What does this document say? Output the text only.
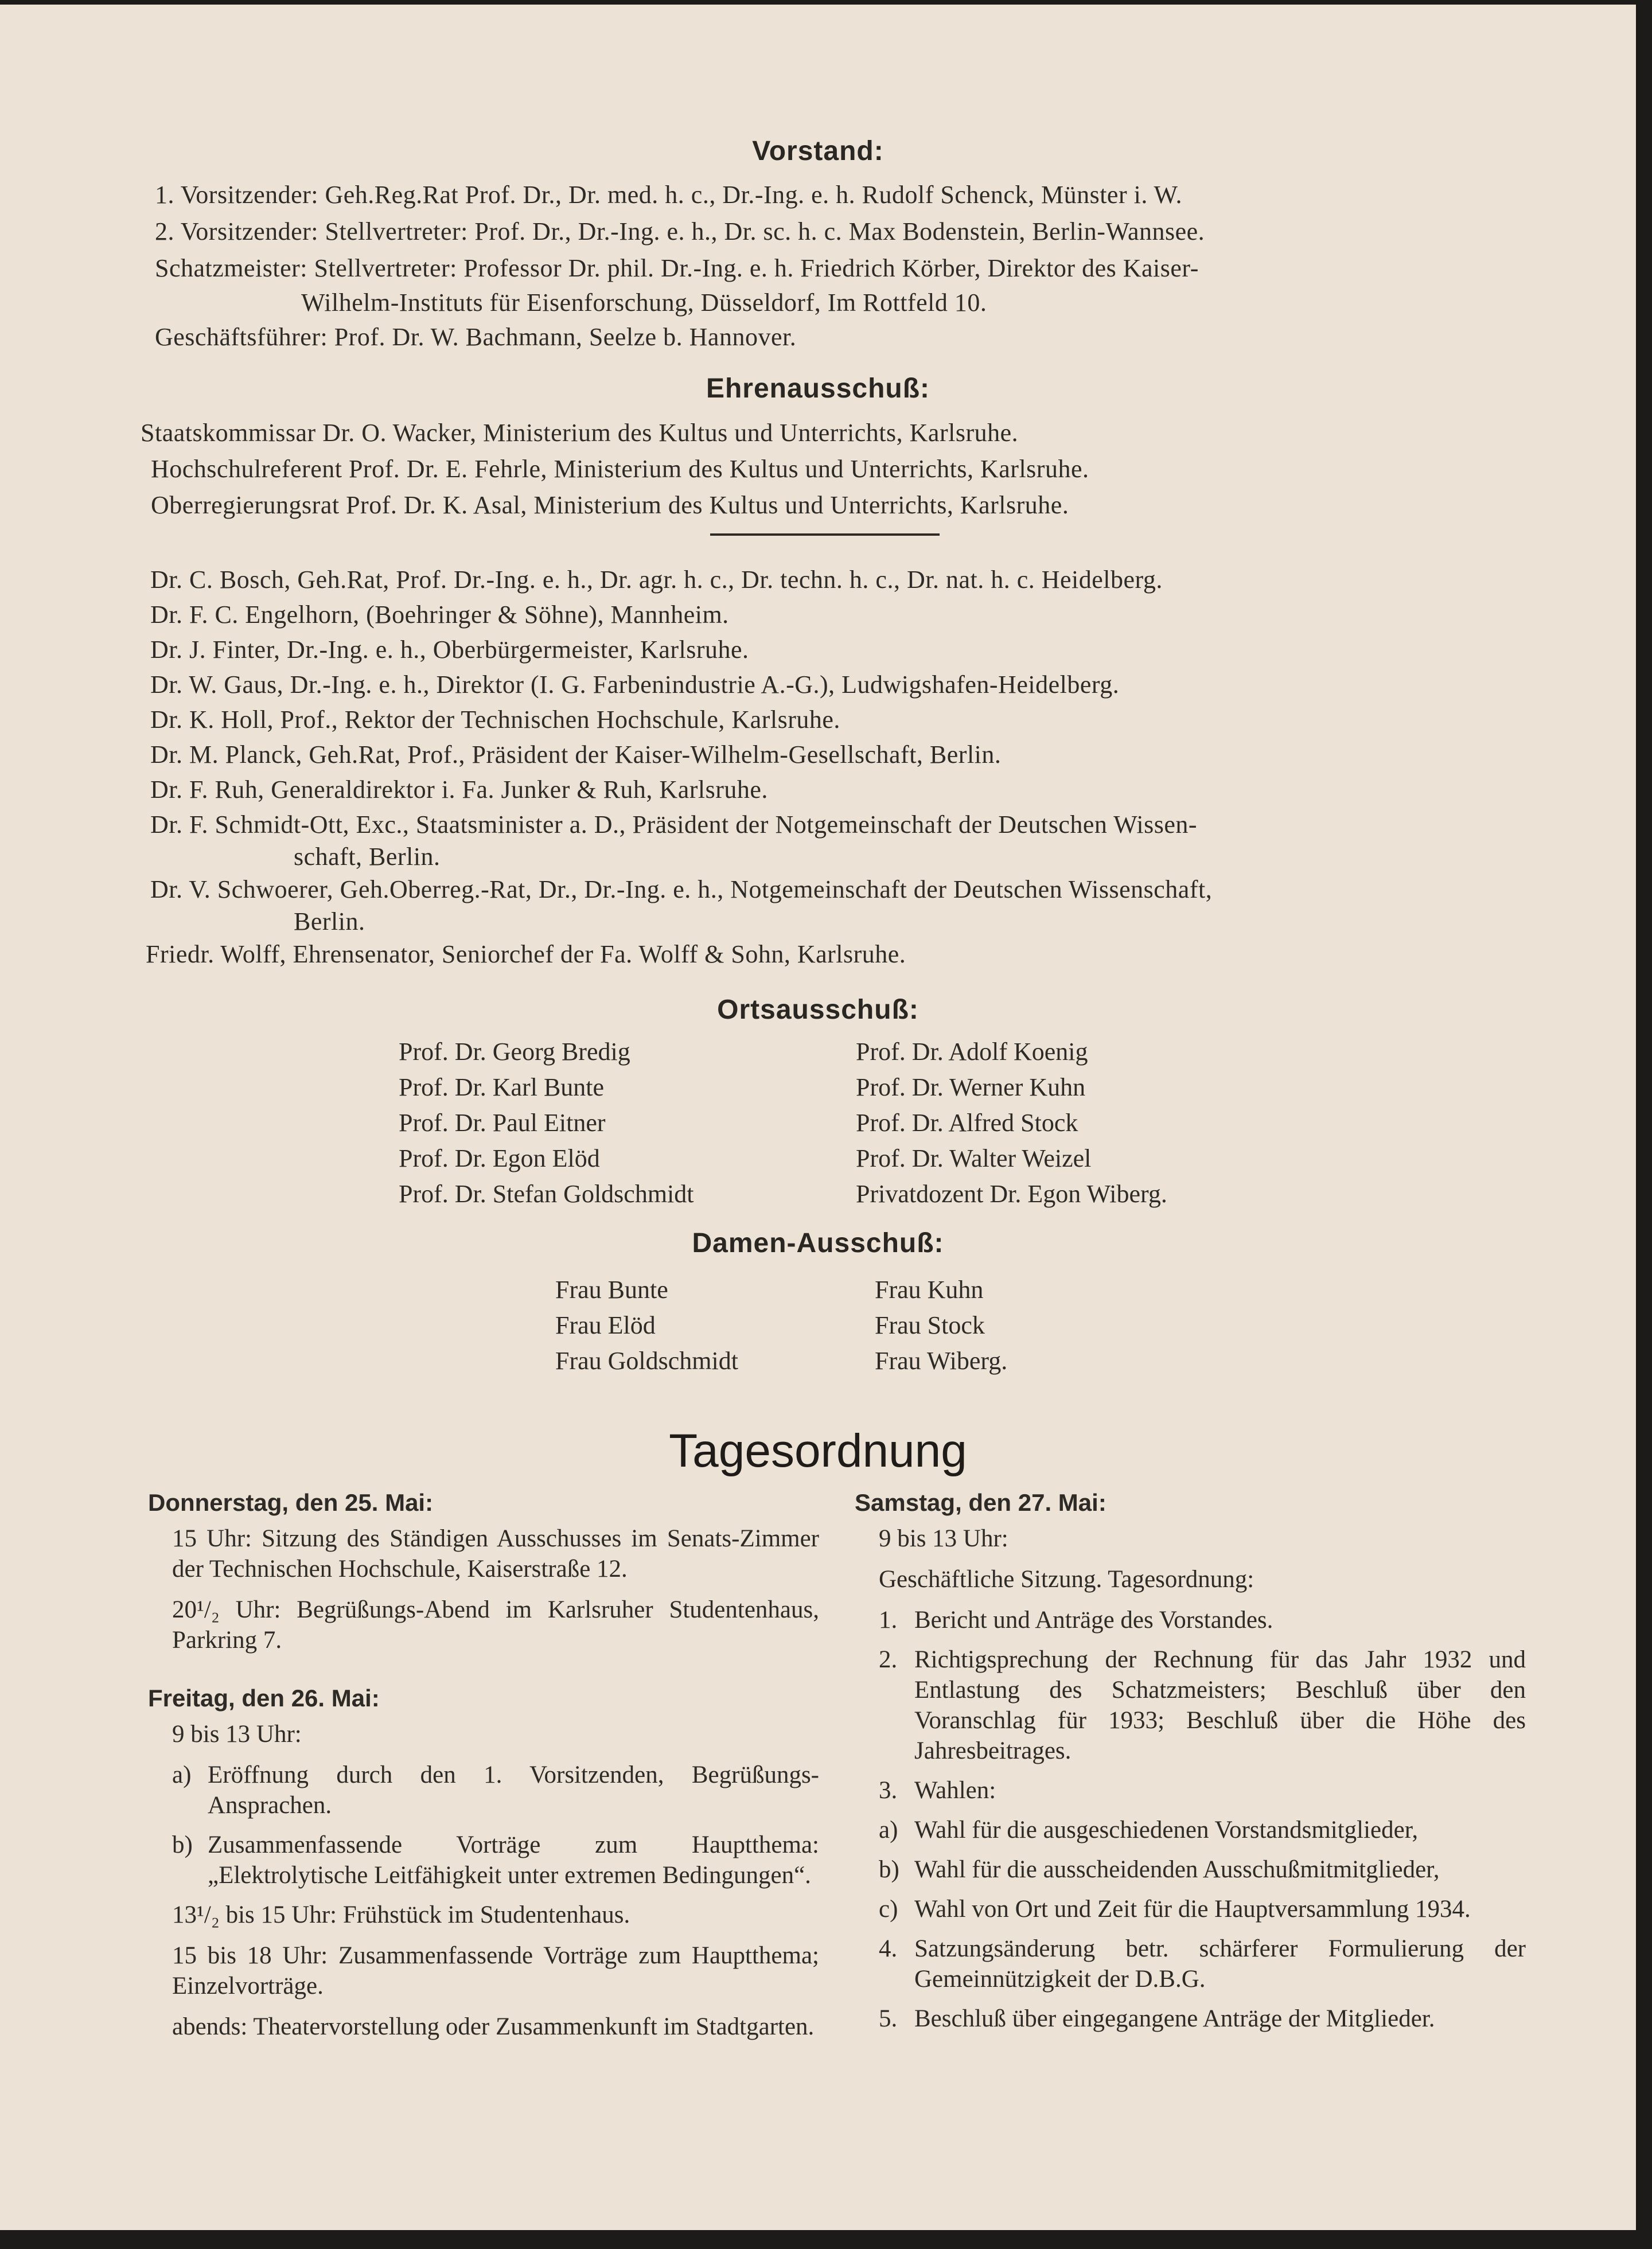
Vorstand:
1. Vorsitzender: Geh.Reg.Rat Prof. Dr., Dr. med. h. c., Dr.-Ing. e. h. Rudolf Schenck, Münster i. W.
2. Vorsitzender: Stellvertreter: Prof. Dr., Dr.-Ing. e. h., Dr. sc. h. c. Max Bodenstein, Berlin-Wannsee.
Schatzmeister: Stellvertreter: Professor Dr. phil. Dr.-Ing. e. h. Friedrich Körber, Direktor des Kaiser-
Wilhelm-Instituts für Eisenforschung, Düsseldorf, Im Rottfeld 10.
Geschäftsführer: Prof. Dr. W. Bachmann, Seelze b. Hannover.
Ehrenausschuß:
Staatskommissar Dr. O. Wacker, Ministerium des Kultus und Unterrichts, Karlsruhe.
Hochschulreferent Prof. Dr. E. Fehrle, Ministerium des Kultus und Unterrichts, Karlsruhe.
Oberregierungsrat Prof. Dr. K. Asal, Ministerium des Kultus und Unterrichts, Karlsruhe.
Dr. C. Bosch, Geh.Rat, Prof. Dr.-Ing. e. h., Dr. agr. h. c., Dr. techn. h. c., Dr. nat. h. c. Heidelberg.
Dr. F. C. Engelhorn, (Boehringer & Söhne), Mannheim.
Dr. J. Finter, Dr.-Ing. e. h., Oberbürgermeister, Karlsruhe.
Dr. W. Gaus, Dr.-Ing. e. h., Direktor (I. G. Farbenindustrie A.-G.), Ludwigshafen-Heidelberg.
Dr. K. Holl, Prof., Rektor der Technischen Hochschule, Karlsruhe.
Dr. M. Planck, Geh.Rat, Prof., Präsident der Kaiser-Wilhelm-Gesellschaft, Berlin.
Dr. F. Ruh, Generaldirektor i. Fa. Junker & Ruh, Karlsruhe.
Dr. F. Schmidt-Ott, Exc., Staatsminister a. D., Präsident der Notgemeinschaft der Deutschen Wissen-
schaft, Berlin.
Dr. V. Schwoerer, Geh.Oberreg.-Rat, Dr., Dr.-Ing. e. h., Notgemeinschaft der Deutschen Wissenschaft,
Berlin.
Friedr. Wolff, Ehrensenator, Seniorchef der Fa. Wolff & Sohn, Karlsruhe.
Ortsausschuß:
Prof. Dr. Georg Bredig
Prof. Dr. Karl Bunte
Prof. Dr. Paul Eitner
Prof. Dr. Egon Elöd
Prof. Dr. Stefan Goldschmidt
Prof. Dr. Adolf Koenig
Prof. Dr. Werner Kuhn
Prof. Dr. Alfred Stock
Prof. Dr. Walter Weizel
Privatdozent Dr. Egon Wiberg.
Damen-Ausschuß:
Frau Bunte
Frau Elöd
Frau Goldschmidt
Frau Kuhn
Frau Stock
Frau Wiberg.
Tagesordnung
Donnerstag, den 25. Mai:
15 Uhr: Sitzung des Ständigen Ausschusses im Senats-Zimmer der Technischen Hochschule, Kaiserstraße 12.
20¹/₂ Uhr: Begrüßungs-Abend im Karlsruher Studentenhaus, Parkring 7.
Freitag, den 26. Mai:
9 bis 13 Uhr:
a) Eröffnung durch den 1. Vorsitzenden, Begrüßungs-Ansprachen.
b) Zusammenfassende Vorträge zum Hauptthema: „Elektrolytische Leitfähigkeit unter extremen Bedingungen“.
13¹/₂ bis 15 Uhr: Frühstück im Studentenhaus.
15 bis 18 Uhr: Zusammenfassende Vorträge zum Hauptthema; Einzelvorträge.
abends: Theatervorstellung oder Zusammenkunft im Stadtgarten.
Samstag, den 27. Mai:
9 bis 13 Uhr:
Geschäftliche Sitzung. Tagesordnung:
1. Bericht und Anträge des Vorstandes.
2. Richtigsprechung der Rechnung für das Jahr 1932 und Entlastung des Schatzmeisters; Beschluß über den Voranschlag für 1933; Beschluß über die Höhe des Jahresbeitrages.
3. Wahlen:
a) Wahl für die ausgeschiedenen Vorstandsmitglieder,
b) Wahl für die ausscheidenden Ausschußmitmitglieder,
c) Wahl von Ort und Zeit für die Hauptversammlung 1934.
4. Satzungsänderung betr. schärferer Formulierung der Gemeinnützigkeit der D.B.G.
5. Beschluß über eingegangene Anträge der Mitglieder.
